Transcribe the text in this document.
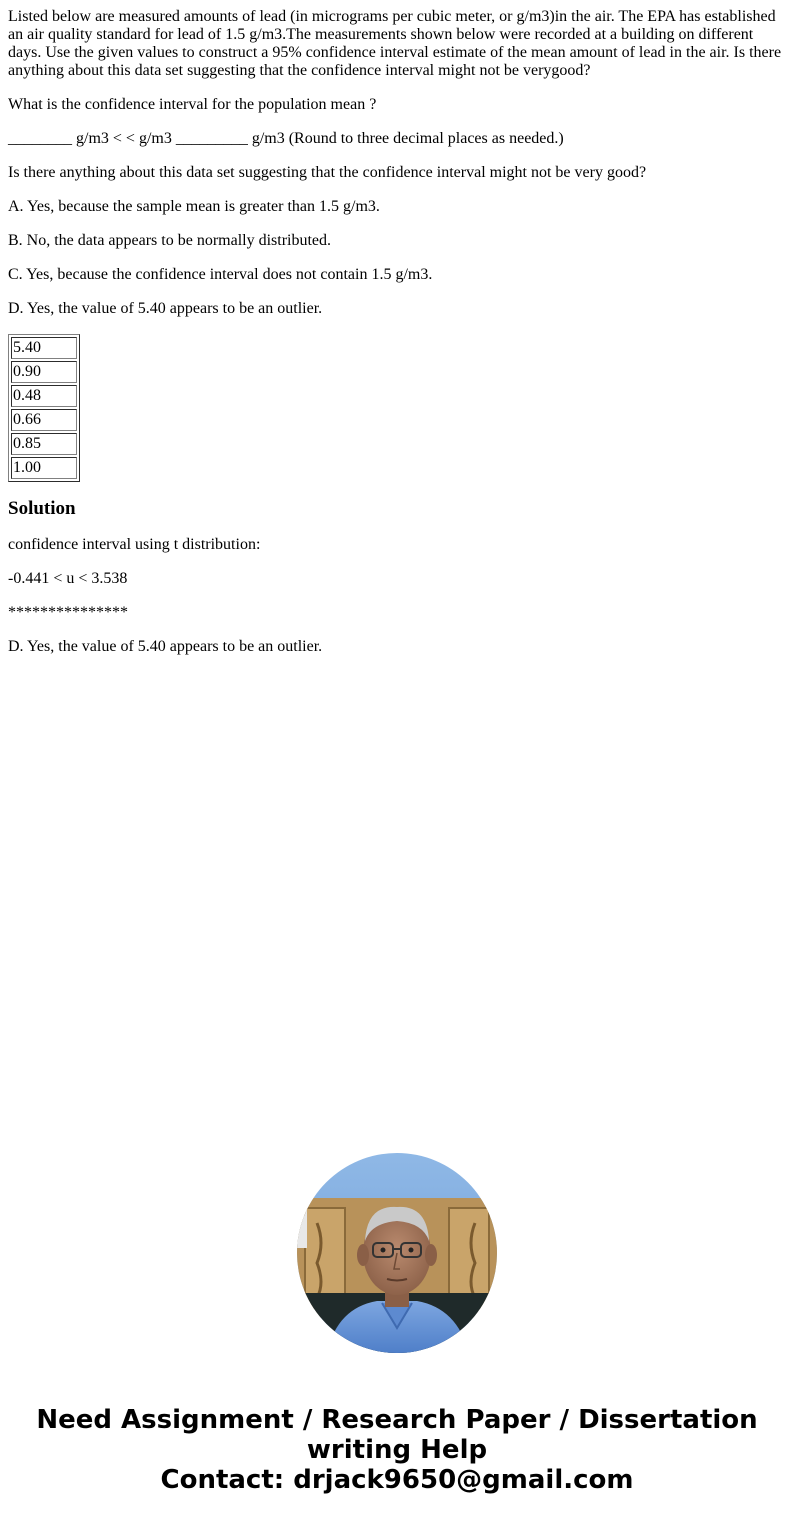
Listed below are measured amounts of lead (in micrograms per cubic meter, or g/m3)in the air. The EPA has established an air quality standard for lead of 1.5 g/m3.The measurements shown below were recorded at a building on different days. Use the given values to construct a 95% confidence interval estimate of the mean amount of lead in the air. Is there anything about this data set suggesting that the confidence interval might not be verygood?

What is the confidence interval for the population mean ?

________ g/m3 < < g/m3 _________ g/m3 (Round to three decimal places as needed.)

Is there anything about this data set suggesting that the confidence interval might not be very good?

A. Yes, because the sample mean is greater than 1.5 g/m3.

B. No, the data appears to be normally distributed.

C. Yes, because the confidence interval does not contain 1.5 g/m3.

D. Yes, the value of 5.40 appears to be an outlier.

5.40
0.90
0.48
0.66
0.85
1.00
Solution

confidence interval using t distribution:

-0.441 < u < 3.538

***************

D. Yes, the value of 5.40 appears to be an outlier.

Need Assignment / Research Paper / Dissertation
writing Help
Contact: drjack9650@gmail.com
